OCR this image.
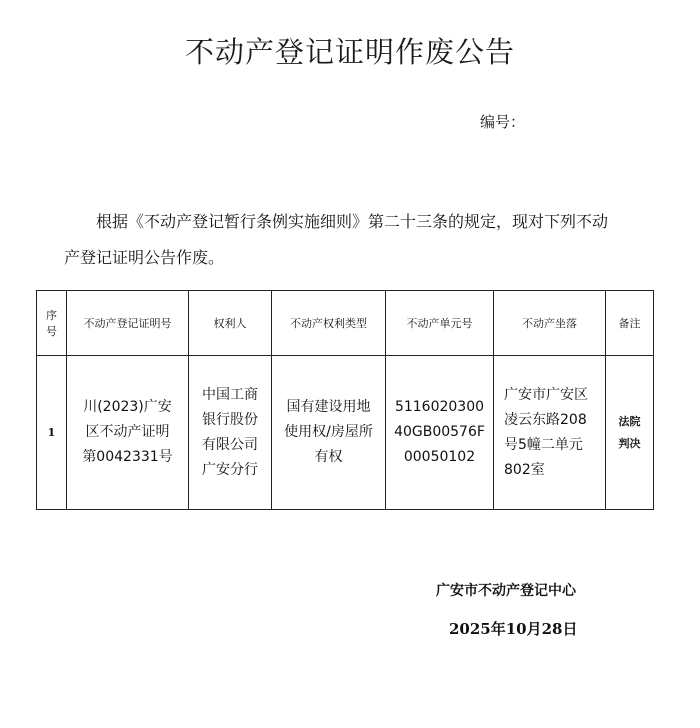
不动产登记证明作废公告
编号：
根据《不动产登记暂行条例实施细则》第二十三条的规定，现对下列不动
产登记证明公告作废。
序号	不动产登记证明号	权利人	不动产权利类型	不动产单元号	不动产坐落	备注
1	川(2023)广安区不动产证明第0042331号	中国工商银行股份有限公司广安分行	国有建设用地使用权/房屋所有权	511602030040GB00576F00050102	广安市广安区凌云东路208号5幢二单元802室	法院判决
广安市不动产登记中心
2025年10月28日
